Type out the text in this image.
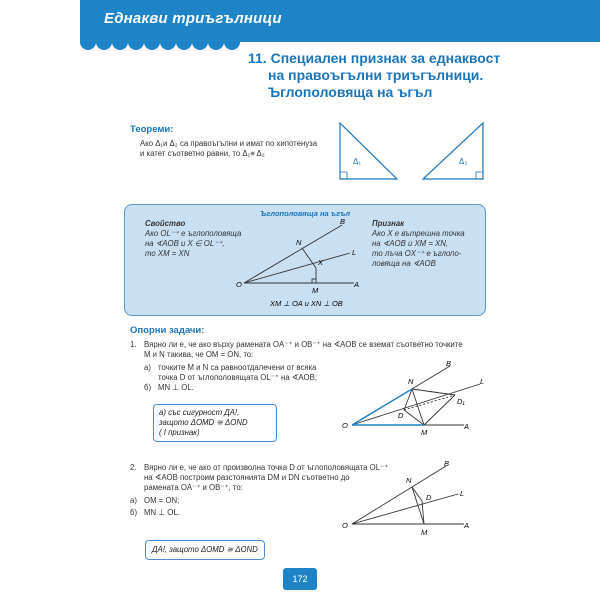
Еднакви триъгълници
11. Специален признак за еднаквост
на правоъгълни триъгълници.
Ъглополовяща на ъгъл
Теореми:
Ако Δ₁и Δ₂ са правоъгълни и имат по хипотенуза
и катет съответно равни, то Δ₁≡ Δ₂
Δ₁	Δ₂
Ъглополовяща на ъгъл
Свойство
Ако OL⁻⁺ е ъглополовяща
на ∢AOB и X ∈ OL⁻⁺,
то XM = XN
Признак
Ако X е вътрешна точка
на ∢AOB и XM = XN,
то лъча OX⁻⁺ е ъглопо-
ловяща на ∢AOB
O	A
B
L
N
X
M
XM ⊥ OA и XN ⊥ OB
Опорни задачи:
1. Вярно ли е, че ако върху рамената OA⁻⁺ и OB⁻⁺ на ∢AOB се вземат съответно точките
M и N такива, че OM = ON, то:
а) точките M и N са равноотдалечени от всяка
точка D от ъглополовящата OL⁻⁺ на ∢AOB;
б) MN ⊥ OL.
а) със сигурност ДА!,
защото ΔOMD ≅ ΔOND
( I признак)
O	A
B
L
N
M
D
D₁
2. Вярно ли е, че ако от произволна точка D от ъглополовящата OL⁻⁺
на ∢AOB построим разстоянията DM и DN съответно до
рамената OA⁻⁺ и OB⁻⁺, то:
а) OM = ON;
б) MN ⊥ OL.
ДА!, защото ΔOMD ≅ ΔOND
O	A
B
L
N
D
M
172
